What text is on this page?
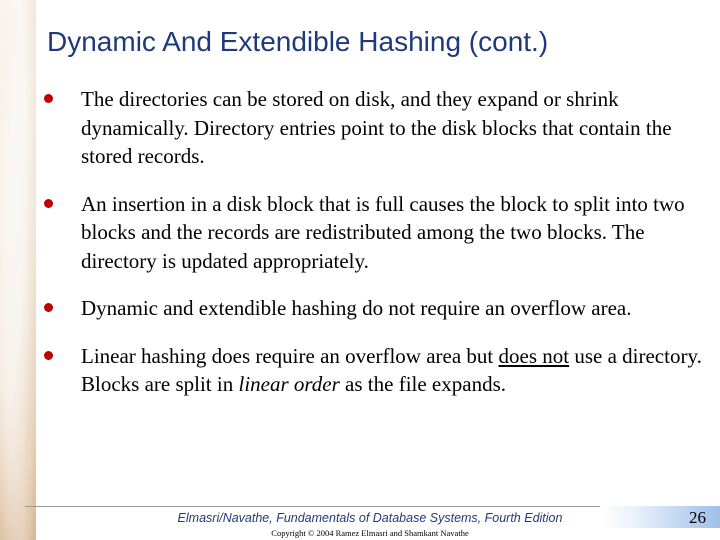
Dynamic And Extendible Hashing (cont.)
The directories can be stored on disk, and they expand or shrink dynamically. Directory entries point to the disk blocks that contain the stored records.
An insertion in a disk block that is full causes the block to split into two blocks and the records are redistributed among the two blocks. The directory is updated appropriately.
Dynamic and extendible hashing do not require an overflow area.
Linear hashing does require an overflow area but does not use a directory. Blocks are split in linear order as the file expands.
Elmasri/Navathe, Fundamentals of Database Systems, Fourth Edition
Copyright © 2004 Ramez Elmasri and Shamkant Navathe
26
